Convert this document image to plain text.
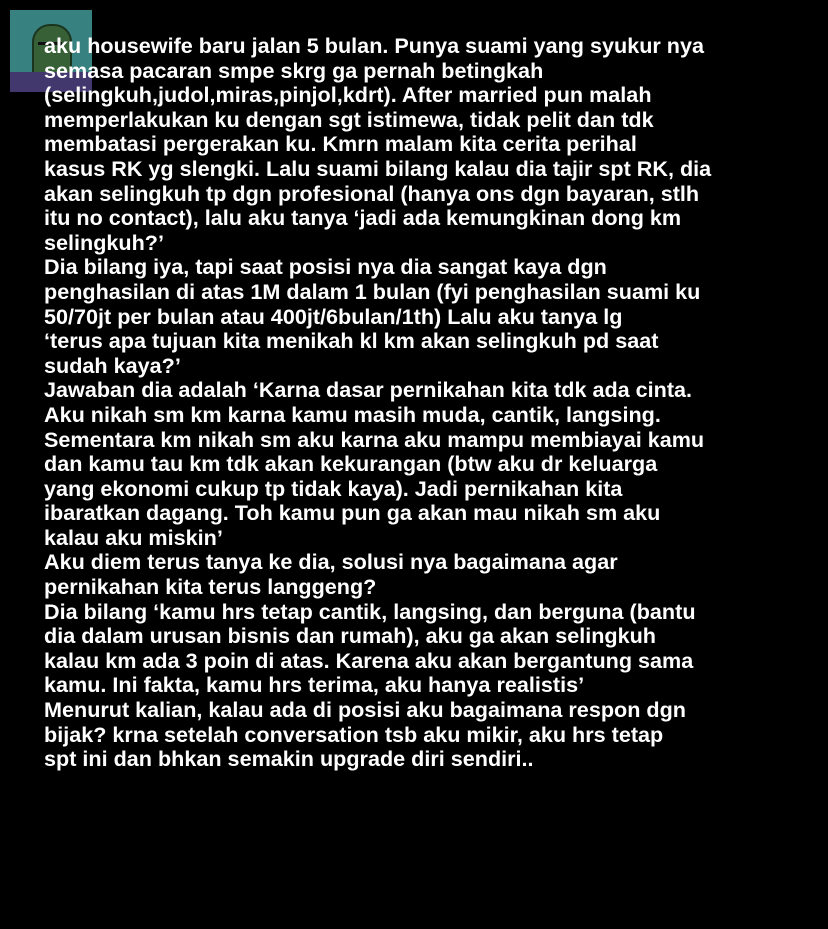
aku housewife baru jalan 5 bulan. Punya suami yang syukur nya
semasa pacaran smpe skrg ga pernah betingkah
(selingkuh,judol,miras,pinjol,kdrt). After married pun malah
memperlakukan ku dengan sgt istimewa, tidak pelit dan tdk
membatasi pergerakan ku. Kmrn malam kita cerita perihal
kasus RK yg slengki. Lalu suami bilang kalau dia tajir spt RK, dia
akan selingkuh tp dgn profesional (hanya ons dgn bayaran, stlh
itu no contact), lalu aku tanya ‘jadi ada kemungkinan dong km
selingkuh?’
Dia bilang iya, tapi saat posisi nya dia sangat kaya dgn
penghasilan di atas 1M dalam 1 bulan (fyi penghasilan suami ku
50/70jt per bulan atau 400jt/6bulan/1th) Lalu aku tanya lg
‘terus apa tujuan kita menikah kl km akan selingkuh pd saat
sudah kaya?’
Jawaban dia adalah ‘Karna dasar pernikahan kita tdk ada cinta.
Aku nikah sm km karna kamu masih muda, cantik, langsing.
Sementara km nikah sm aku karna aku mampu membiayai kamu
dan kamu tau km tdk akan kekurangan (btw aku dr keluarga
yang ekonomi cukup tp tidak kaya). Jadi pernikahan kita
ibaratkan dagang. Toh kamu pun ga akan mau nikah sm aku
kalau aku miskin’
Aku diem terus tanya ke dia, solusi nya bagaimana agar
pernikahan kita terus langgeng?
Dia bilang ‘kamu hrs tetap cantik, langsing, dan berguna (bantu
dia dalam urusan bisnis dan rumah), aku ga akan selingkuh
kalau km ada 3 poin di atas. Karena aku akan bergantung sama
kamu. Ini fakta, kamu hrs terima, aku hanya realistis’
Menurut kalian, kalau ada di posisi aku bagaimana respon dgn
bijak? krna setelah conversation tsb aku mikir, aku hrs tetap
spt ini dan bhkan semakin upgrade diri sendiri..
